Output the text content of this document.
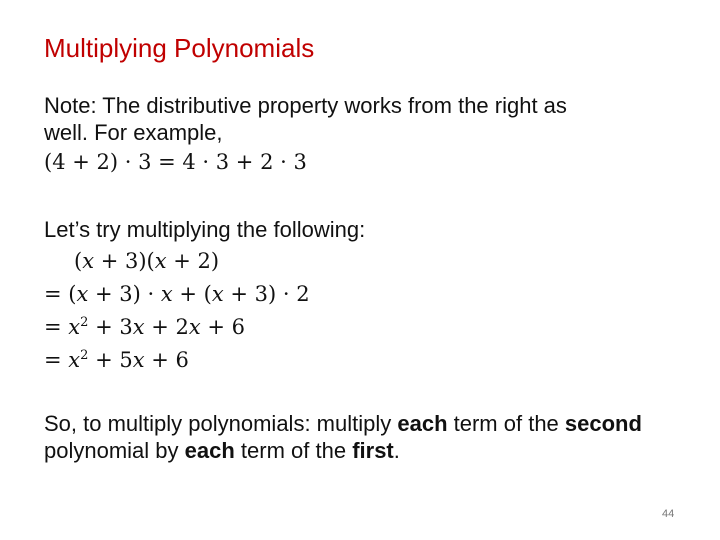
Multiplying Polynomials
Note: The distributive property works from the right as
well. For example,
(4 + 2) · 3 = 4 · 3 + 2 · 3
Let’s try multiplying the following:
(x + 3)(x + 2)
= (x + 3) · x + (x + 3) · 2
= $x^2 + 3x + 2x + 6$
= $x^2 + 5x + 6$
So, to multiply polynomials: multiply each term of the second polynomial by each term of the first.
44
